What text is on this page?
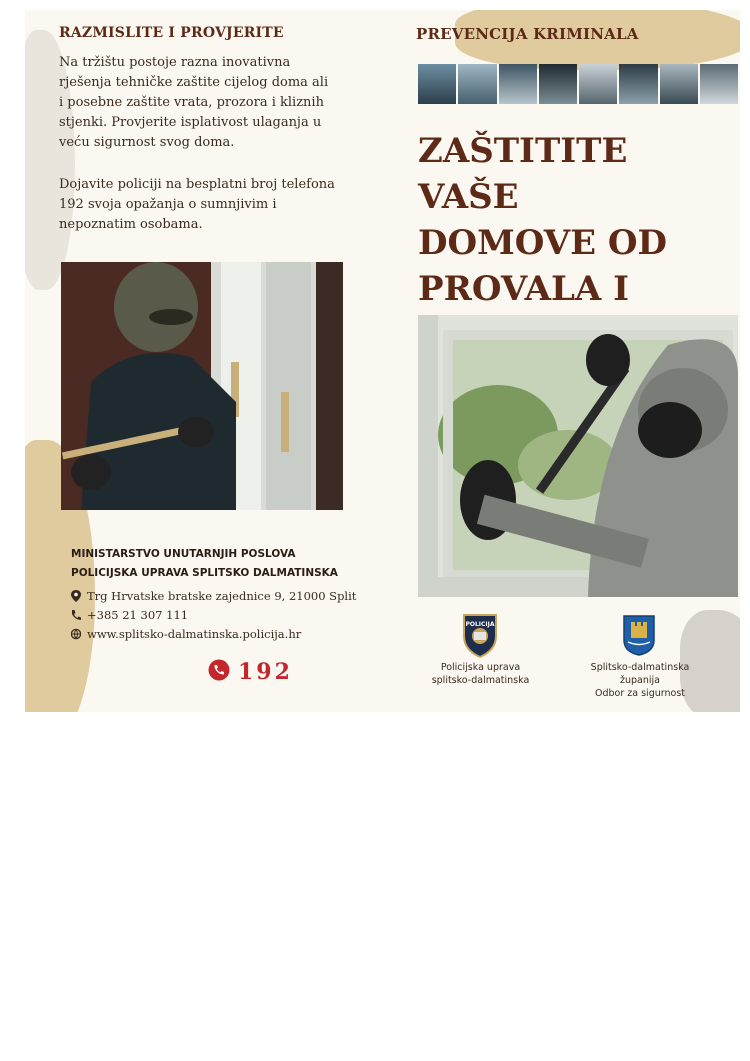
RAZMISLITE I PROVJERITE
Na tržištu postoje razna inovativna
rješenja tehničke zaštite cijelog doma ali
i posebne zaštite vrata, prozora i kliznih
stjenki. Provjerite isplativost ulaganja u
veću sigurnost svog doma.
Dojavite policiji na besplatni broj telefona
192 svoja opažanja o sumnjivim i
nepoznatim osobama.
MINISTARSTVO UNUTARNJIH POSLOVA
POLICIJSKA UPRAVA SPLITSKO DALMATINSKA
Trg Hrvatske bratske zajednice 9, 21000 Split
+385 21 307 111
www.splitsko-dalmatinska.policija.hr
192
PREVENCIJA KRIMINALA
ZAŠTITITE VAŠE
DOMOVE OD
PROVALA I
POLICIJA
Policijska uprava
splitsko-dalmatinska
Splitsko-dalmatinska županija
Odbor za sigurnost
